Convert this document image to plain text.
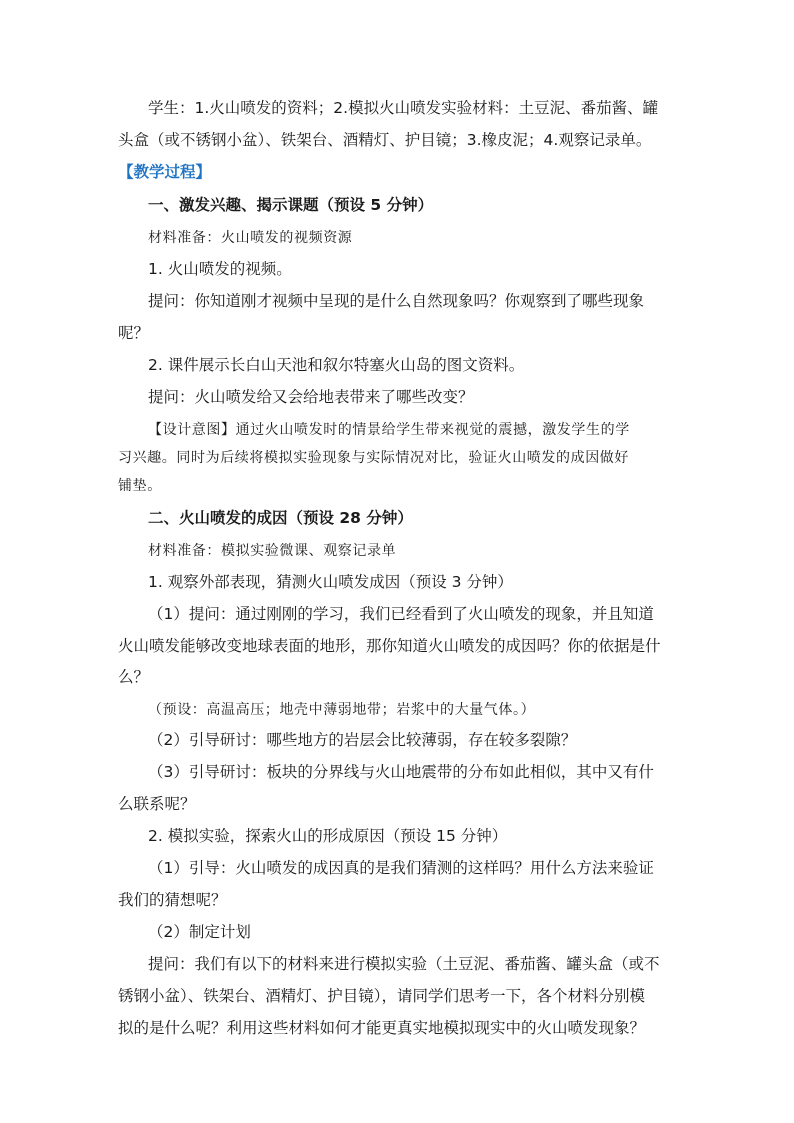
学生：1.火山喷发的资料；2.模拟火山喷发实验材料：土豆泥、番茄酱、罐
头盒（或不锈钢小盆）、铁架台、酒精灯、护目镜；3.橡皮泥；4.观察记录单。
【教学过程】
一、激发兴趣、揭示课题（预设 5 分钟）
材料准备：火山喷发的视频资源
1. 火山喷发的视频。
提问：你知道刚才视频中呈现的是什么自然现象吗？你观察到了哪些现象
呢？
2. 课件展示长白山天池和叙尔特塞火山岛的图文资料。
提问：火山喷发给又会给地表带来了哪些改变？
【设计意图】通过火山喷发时的情景给学生带来视觉的震撼，激发学生的学
习兴趣。同时为后续将模拟实验现象与实际情况对比，验证火山喷发的成因做好
铺垫。
二、火山喷发的成因（预设 28 分钟）
材料准备：模拟实验微课、观察记录单
1. 观察外部表现，猜测火山喷发成因（预设 3 分钟）
（1）提问：通过刚刚的学习，我们已经看到了火山喷发的现象，并且知道
火山喷发能够改变地球表面的地形，那你知道火山喷发的成因吗？你的依据是什
么？
（预设：高温高压；地壳中薄弱地带；岩浆中的大量气体。）
（2）引导研讨：哪些地方的岩层会比较薄弱，存在较多裂隙？
（3）引导研讨：板块的分界线与火山地震带的分布如此相似，其中又有什
么联系呢？
2. 模拟实验，探索火山的形成原因（预设 15 分钟）
（1）引导：火山喷发的成因真的是我们猜测的这样吗？用什么方法来验证
我们的猜想呢？
（2）制定计划
提问：我们有以下的材料来进行模拟实验（土豆泥、番茄酱、罐头盒（或不
锈钢小盆）、铁架台、酒精灯、护目镜），请同学们思考一下，各个材料分别模
拟的是什么呢？利用这些材料如何才能更真实地模拟现实中的火山喷发现象？
